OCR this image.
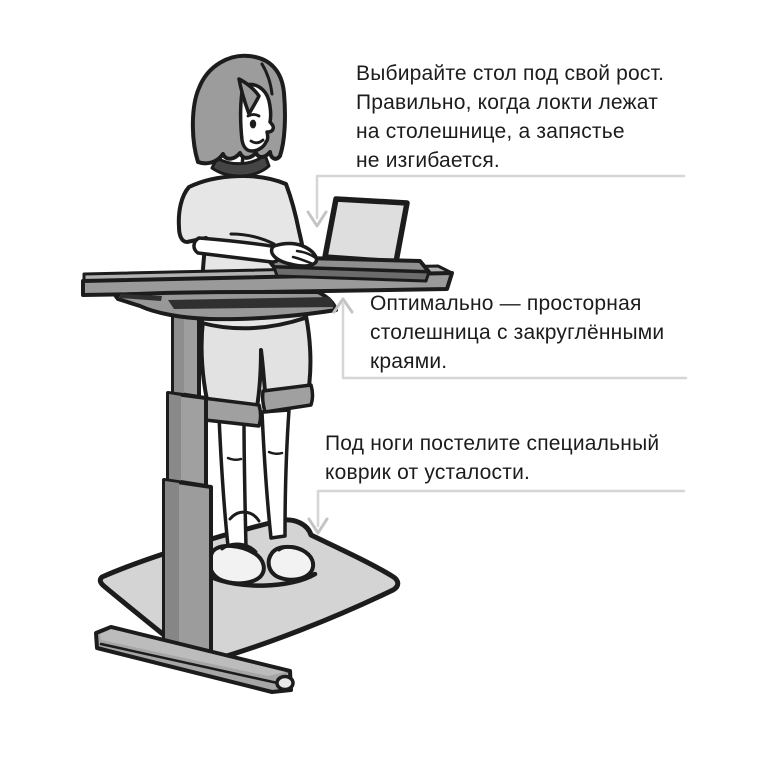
Выбирайте стол под свой рост.
Правильно, когда локти лежат
на столешнице, а запястье
не изгибается.
Оптимально — просторная
столешница с закруглёнными
краями.
Под ноги постелите специальный
коврик от усталости.
